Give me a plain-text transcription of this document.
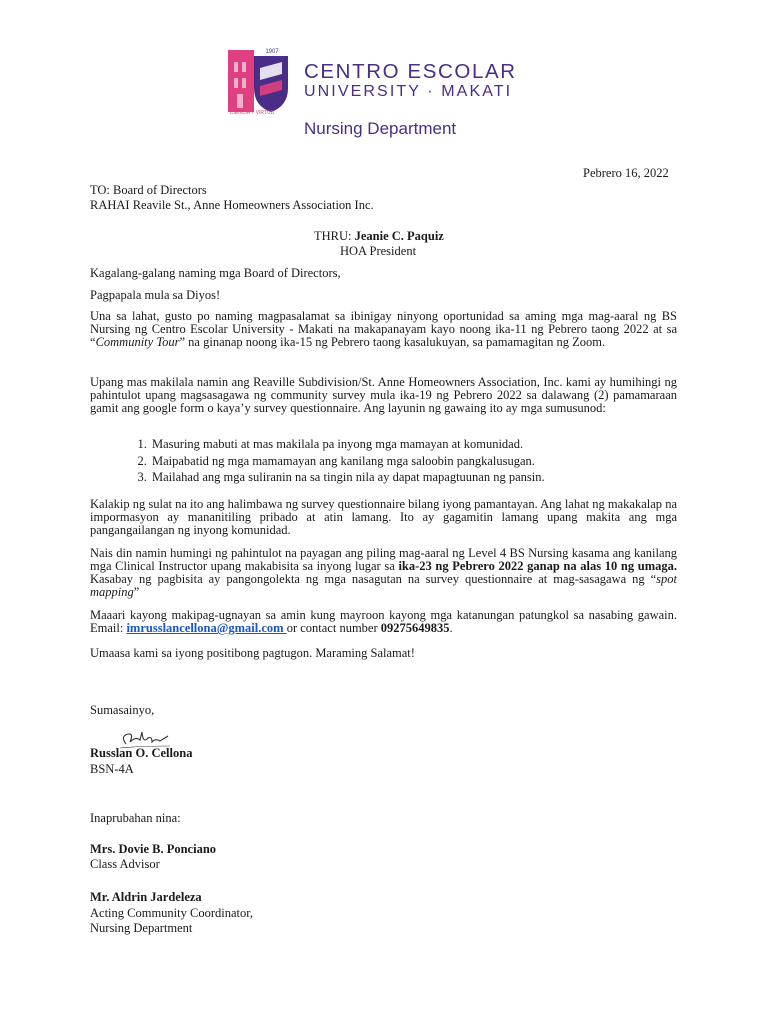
1907
CIENCIA Y VIRTUD
CENTRO ESCOLAR
UNIVERSITY · MAKATI
Nursing Department
Pebrero 16, 2022
TO: Board of Directors
RAHAI Reavile St., Anne Homeowners Association Inc.
THRU: Jeanie C. Paquiz
HOA President
Kagalang-galang naming mga Board of Directors,
Pagpapala mula sa Diyos!

Una sa lahat, gusto po naming magpasalamat sa ibinigay ninyong oportunidad sa aming mga mag-aaral ng BS Nursing ng Centro Escolar University - Makati na makapanayam kayo noong ika-11 ng Pebrero taong 2022 at sa “Community Tour” na ginanap noong ika-15 ng Pebrero taong kasalukuyan, sa pamamagitan ng Zoom.

Upang mas makilala namin ang Reaville Subdivision/St. Anne Homeowners Association, Inc. kami ay humihingi ng pahintulot upang magsasagawa ng community survey mula ika-19 ng Pebrero 2022 sa dalawang (2) pamamaraan gamit ang google form o kaya’y survey questionnaire. Ang layunin ng gawaing ito ay mga sumusunod:

1. Masuring mabuti at mas makilala pa inyong mga mamayan at komunidad.
2. Maipabatid ng mga mamamayan ang kanilang mga saloobin pangkalusugan.
3. Mailahad ang mga suliranin na sa tingin nila ay dapat mapagtuunan ng pansin.

Kalakip ng sulat na ito ang halimbawa ng survey questionnaire bilang iyong pamantayan. Ang lahat ng makakalap na impormasyon ay mananitiling pribado at atin lamang. Ito ay gagamitin lamang upang makita ang mga pangangailangan ng inyong komunidad.

Nais din namin humingi ng pahintulot na payagan ang piling mag-aaral ng Level 4 BS Nursing kasama ang kanilang mga Clinical Instructor upang makabisita sa inyong lugar sa ika-23 ng Pebrero 2022 ganap na alas 10 ng umaga. Kasabay ng pagbisita ay pangongolekta ng mga nasagutan na survey questionnaire at mag-sasagawa ng “spot mapping”

Maaari kayong makipag-ugnayan sa amin kung mayroon kayong mga katanungan patungkol sa nasabing gawain. Email: imrusslancellona@gmail.com or contact number 09275649835.

Umaasa kami sa iyong positibong pagtugon. Maraming Salamat!
Sumasainyo,
Russlan O. Cellona
BSN-4A
Inaprubahan nina:
Mrs. Dovie B. Ponciano
Class Advisor
Mr. Aldrin Jardeleza
Acting Community Coordinator,
Nursing Department
